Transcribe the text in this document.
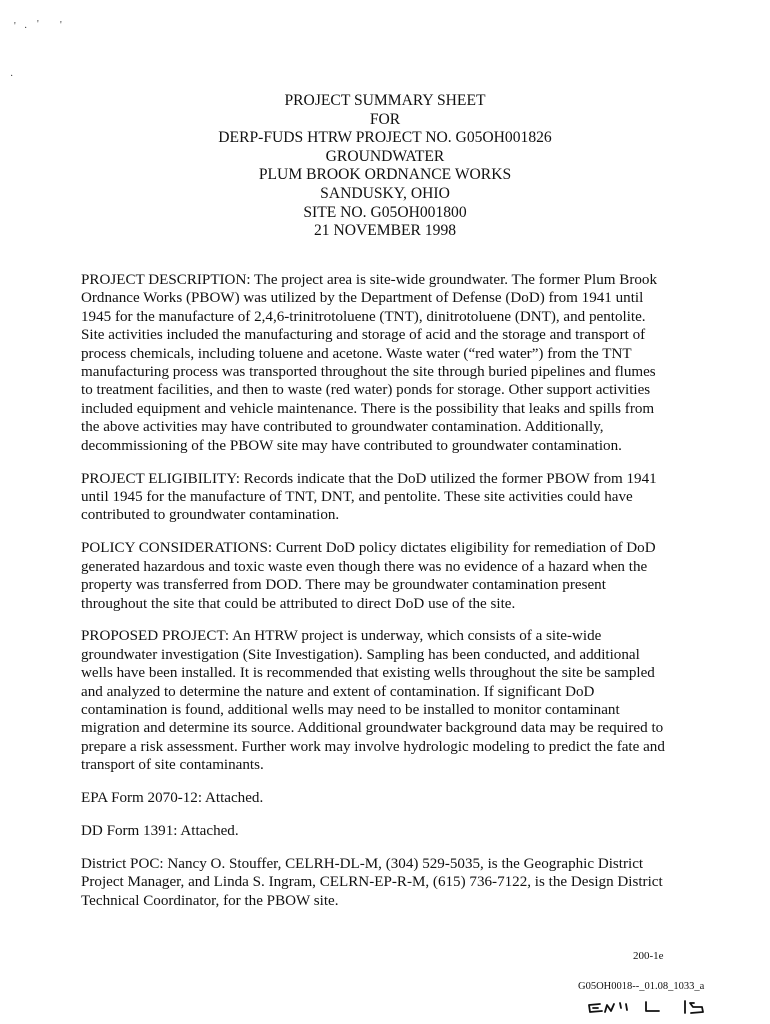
' ' '
·
·
PROJECT SUMMARY SHEET
FOR
DERP-FUDS HTRW PROJECT NO. G05OH001826
GROUNDWATER
PLUM BROOK ORDNANCE WORKS
SANDUSKY, OHIO
SITE NO. G05OH001800
21 NOVEMBER 1998
PROJECT DESCRIPTION: The project area is site-wide groundwater. The former Plum Brook
Ordnance Works (PBOW) was utilized by the Department of Defense (DoD) from 1941 until
1945 for the manufacture of 2,4,6-trinitrotoluene (TNT), dinitrotoluene (DNT), and pentolite.
Site activities included the manufacturing and storage of acid and the storage and transport of
process chemicals, including toluene and acetone. Waste water (“red water”) from the TNT
manufacturing process was transported throughout the site through buried pipelines and flumes
to treatment facilities, and then to waste (red water) ponds for storage. Other support activities
included equipment and vehicle maintenance. There is the possibility that leaks and spills from
the above activities may have contributed to groundwater contamination. Additionally,
decommissioning of the PBOW site may have contributed to groundwater contamination.
PROJECT ELIGIBILITY: Records indicate that the DoD utilized the former PBOW from 1941
until 1945 for the manufacture of TNT, DNT, and pentolite. These site activities could have
contributed to groundwater contamination.
POLICY CONSIDERATIONS: Current DoD policy dictates eligibility for remediation of DoD
generated hazardous and toxic waste even though there was no evidence of a hazard when the
property was transferred from DOD. There may be groundwater contamination present
throughout the site that could be attributed to direct DoD use of the site.
PROPOSED PROJECT: An HTRW project is underway, which consists of a site-wide
groundwater investigation (Site Investigation). Sampling has been conducted, and additional
wells have been installed. It is recommended that existing wells throughout the site be sampled
and analyzed to determine the nature and extent of contamination. If significant DoD
contamination is found, additional wells may need to be installed to monitor contaminant
migration and determine its source. Additional groundwater background data may be required to
prepare a risk assessment. Further work may involve hydrologic modeling to predict the fate and
transport of site contaminants.
EPA Form 2070-12: Attached.
DD Form 1391: Attached.
District POC: Nancy O. Stouffer, CELRH-DL-M, (304) 529-5035, is the Geographic District
Project Manager, and Linda S. Ingram, CELRN-EP-R-M, (615) 736-7122, is the Design District
Technical Coordinator, for the PBOW site.
200-1e
G05OH0018--_01.08_1033_a
